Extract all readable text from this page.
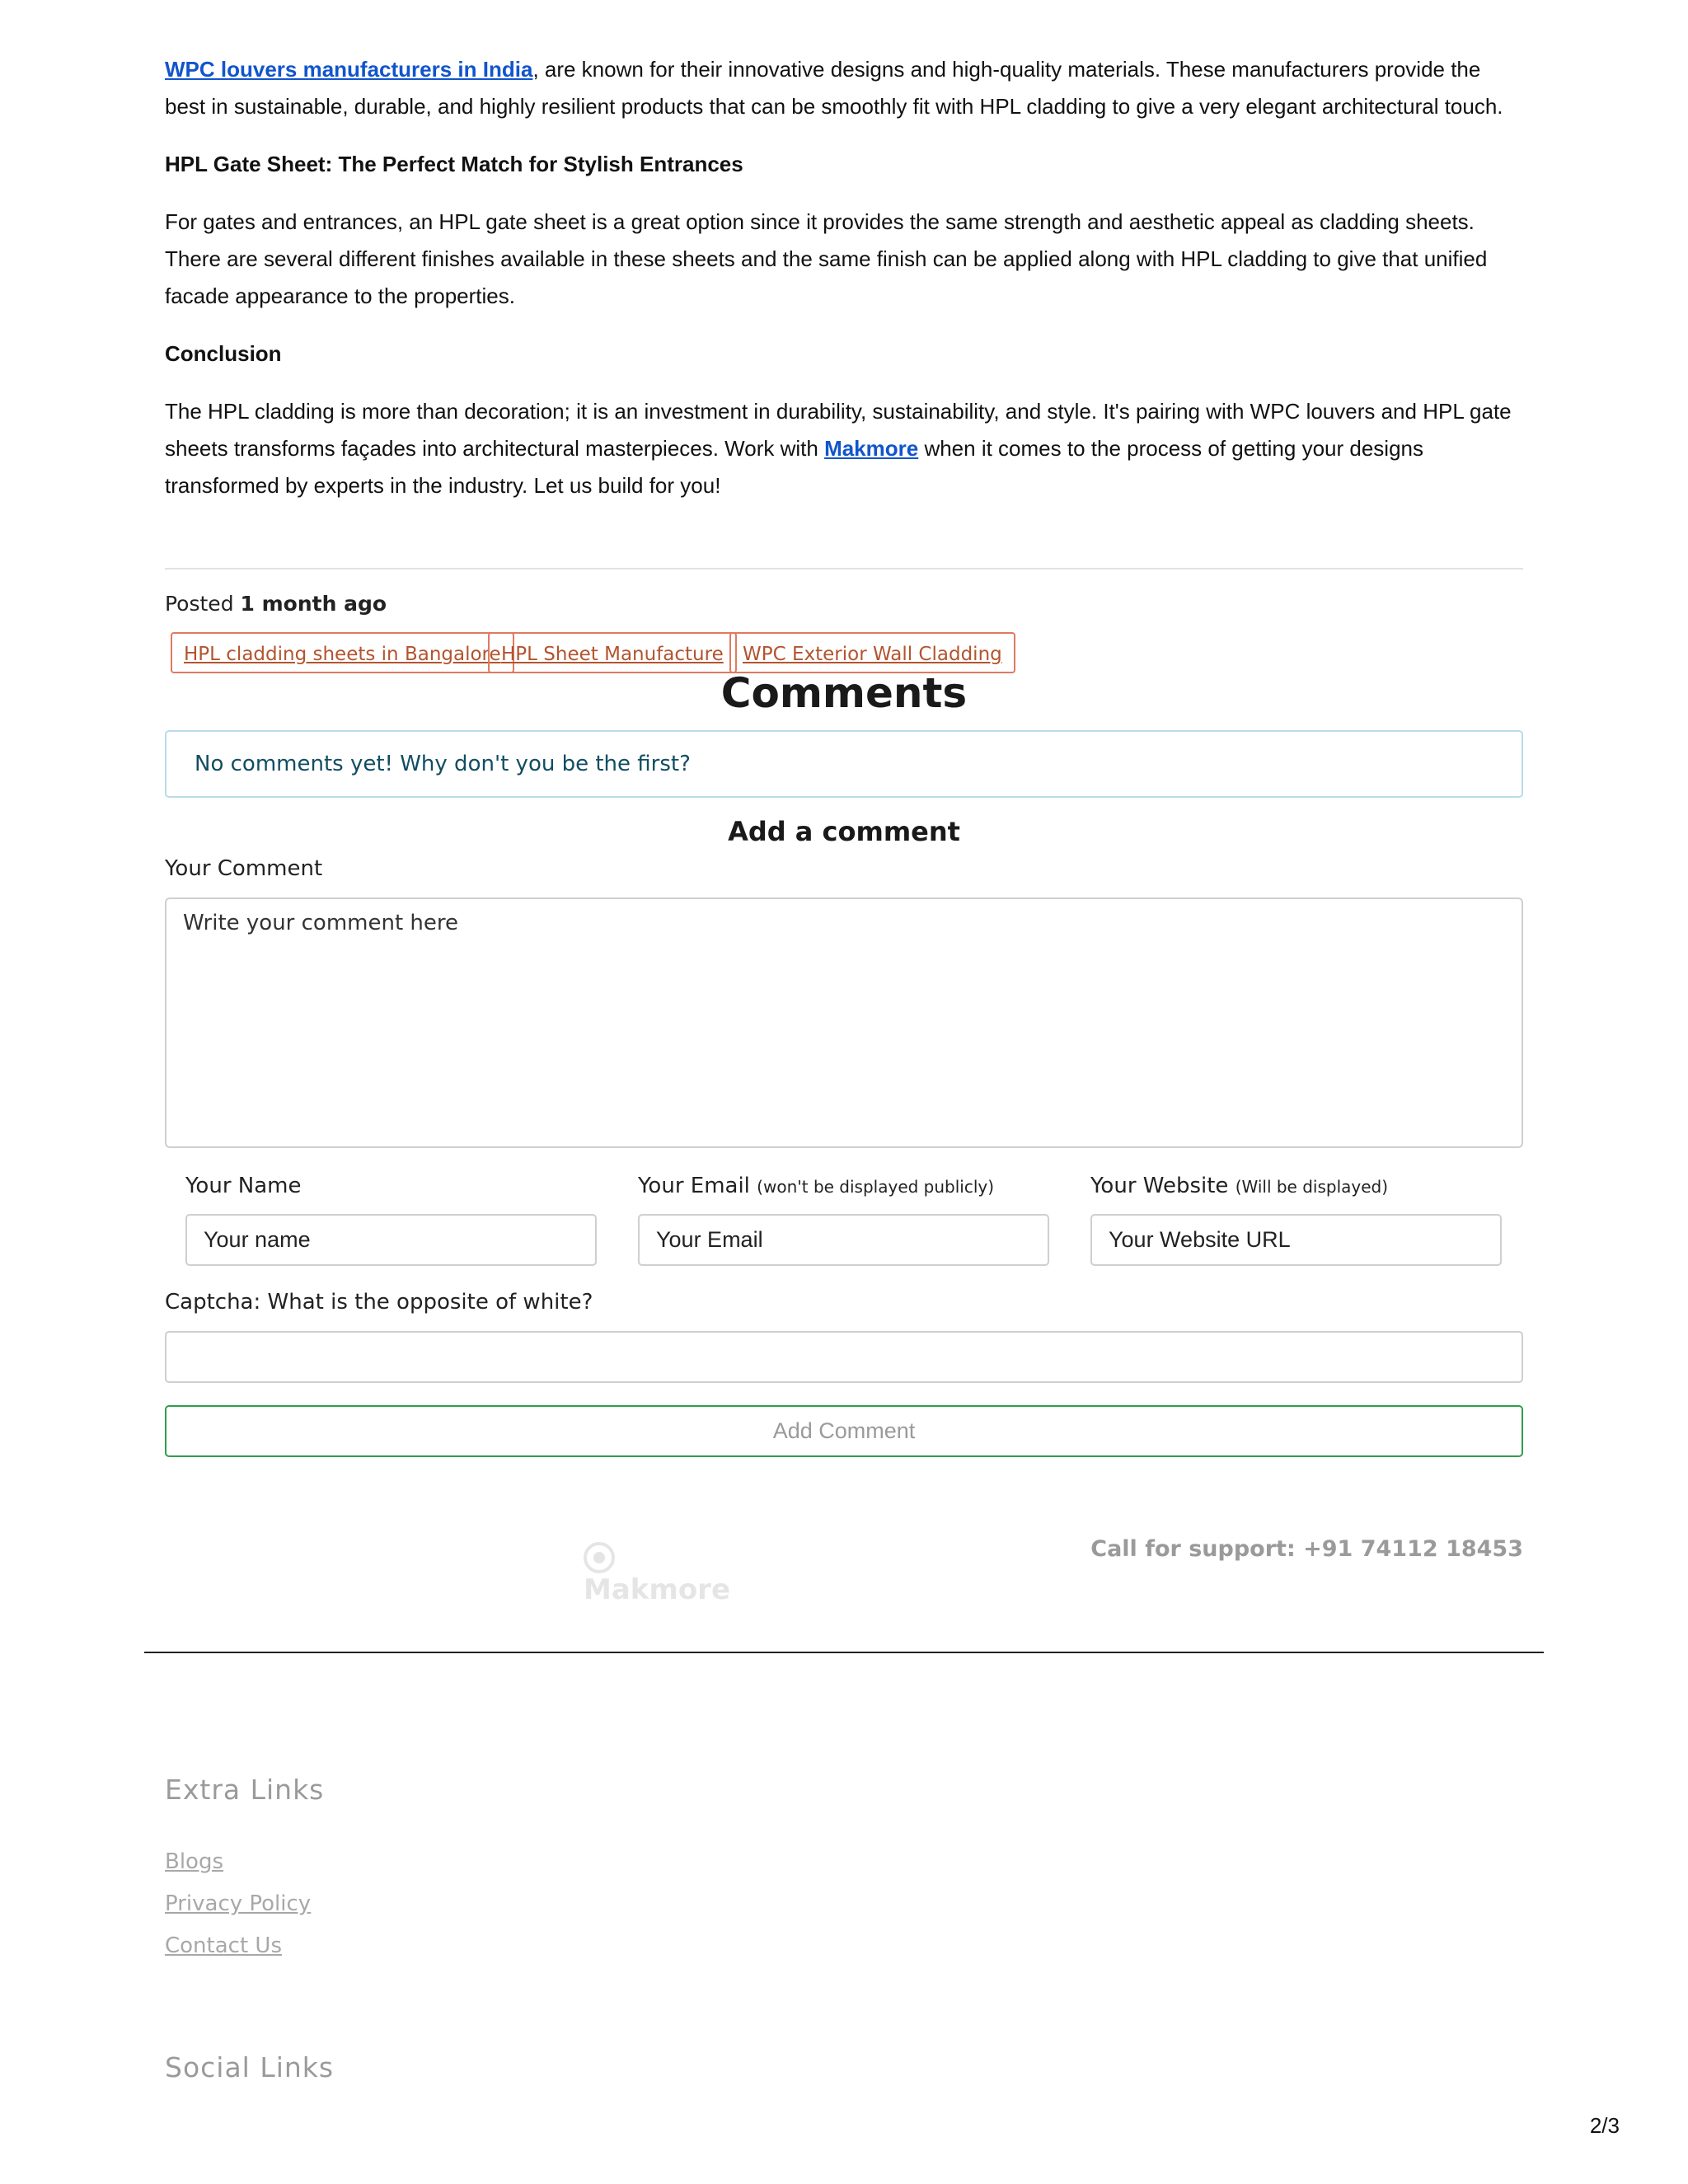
WPC louvers manufacturers in India, are known for their innovative designs and high-quality materials. These manufacturers provide the best in sustainable, durable, and highly resilient products that can be smoothly fit with HPL cladding to give a very elegant architectural touch.

HPL Gate Sheet: The Perfect Match for Stylish Entrances

For gates and entrances, an HPL gate sheet is a great option since it provides the same strength and aesthetic appeal as cladding sheets. There are several different finishes available in these sheets and the same finish can be applied along with HPL cladding to give that unified facade appearance to the properties.

Conclusion

The HPL cladding is more than decoration; it is an investment in durability, sustainability, and style. It's pairing with WPC louvers and HPL gate sheets transforms façades into architectural masterpieces. Work with Makmore when it comes to the process of getting your designs transformed by experts in the industry. Let us build for you!

Posted 1 month ago
HPL cladding sheets in Bangalore HPL Sheet Manufacture	WPC Exterior Wall Cladding
Comments
No comments yet! Why don't you be the first?
Add a comment
Your Comment
Write your comment here
Your Name	Your Email (won't be displayed publicly)	Your Website (Will be displayed)
Your name	Your Email	Your Website URL
Captcha: What is the opposite of white?
Add Comment
Makmore
Call for support: +91 74112 18453
Extra Links
Blogs
Privacy Policy
Contact Us
Social Links
2/3
